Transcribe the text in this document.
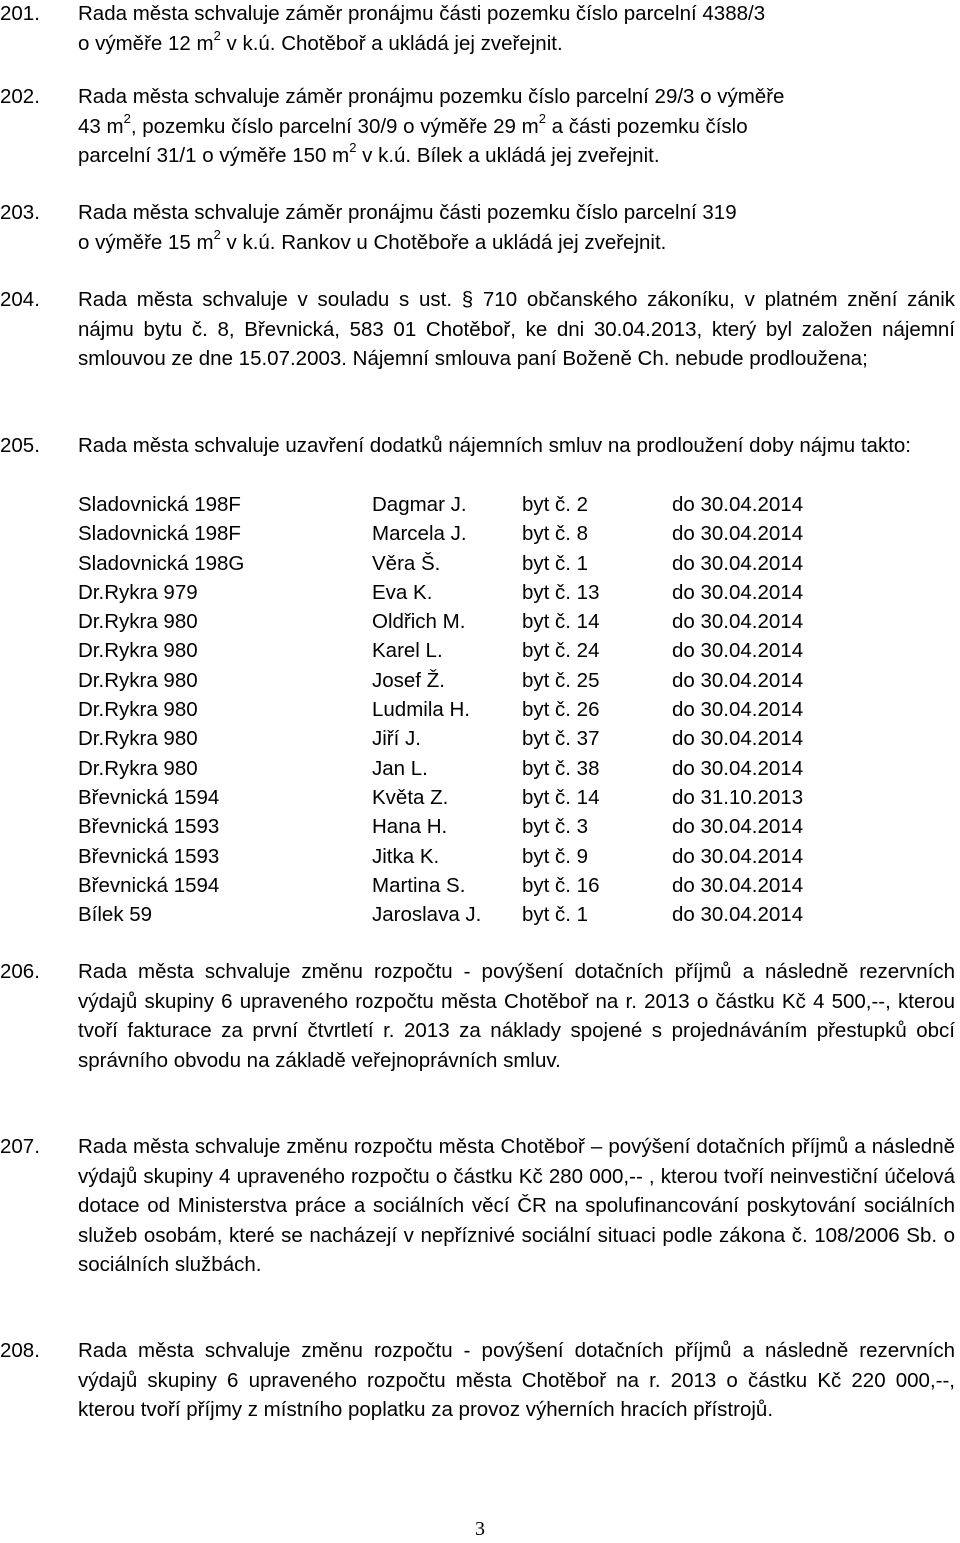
201. Rada města schvaluje záměr pronájmu části pozemku číslo parcelní 4388/3
o výměře 12 $m^2$ v k.ú. Chotěboř a ukládá jej zveřejnit.
202. Rada města schvaluje záměr pronájmu pozemku číslo parcelní 29/3 o výměře
43 $m^2$, pozemku číslo parcelní 30/9 o výměře 29 $m^2$ a části pozemku číslo
parcelní 31/1 o výměře 150 $m^2$ v k.ú. Bílek a ukládá jej zveřejnit.
203. Rada města schvaluje záměr pronájmu části pozemku číslo parcelní 319
o výměře 15 $m^2$ v k.ú. Rankov u Chotěboře a ukládá jej zveřejnit.
204. Rada města schvaluje v souladu s ust. § 710 občanského zákoníku, v platném znění zánik nájmu bytu č. 8, Břevnická, 583 01 Chotěboř, ke dni 30.04.2013, který byl založen nájemní smlouvou ze dne 15.07.2003. Nájemní smlouva paní Boženě Ch. nebude prodloužena;
205. Rada města schvaluje uzavření dodatků nájemních smluv na prodloužení doby nájmu takto:
Sladovnická 198F	Dagmar J.	byt č. 2	do 30.04.2014
Sladovnická 198F	Marcela J.	byt č. 8	do 30.04.2014
Sladovnická 198G	Věra Š.	byt č. 1	do 30.04.2014
Dr.Rykra 979	Eva K.	byt č. 13	do 30.04.2014
Dr.Rykra 980	Oldřich M.	byt č. 14	do 30.04.2014
Dr.Rykra 980	Karel L.	byt č. 24	do 30.04.2014
Dr.Rykra 980	Josef Ž.	byt č. 25	do 30.04.2014
Dr.Rykra 980	Ludmila H.	byt č. 26	do 30.04.2014
Dr.Rykra 980	Jiří J.	byt č. 37	do 30.04.2014
Dr.Rykra 980	Jan L.	byt č. 38	do 30.04.2014
Břevnická 1594	Květa Z.	byt č. 14	do 31.10.2013
Břevnická 1593	Hana H.	byt č. 3	do 30.04.2014
Břevnická 1593	Jitka K.	byt č. 9	do 30.04.2014
Břevnická 1594	Martina S.	byt č. 16	do 30.04.2014
Bílek 59	Jaroslava J.	byt č. 1	do 30.04.2014
206. Rada města schvaluje změnu rozpočtu - povýšení dotačních příjmů a následně rezervních výdajů skupiny 6 upraveného rozpočtu města Chotěboř na r. 2013 o částku Kč 4 500,--, kterou tvoří fakturace za první čtvrtletí r. 2013 za náklady spojené s projednáváním přestupků obcí správního obvodu na základě veřejnoprávních smluv.
207. Rada města schvaluje změnu rozpočtu města Chotěboř – povýšení dotačních příjmů a následně výdajů skupiny 4 upraveného rozpočtu o částku Kč 280 000,-- , kterou tvoří neinvestiční účelová dotace od Ministerstva práce a sociálních věcí ČR na spolufinancování poskytování sociálních služeb osobám, které se nacházejí v nepříznivé sociální situaci podle zákona č. 108/2006 Sb. o sociálních službách.
208. Rada města schvaluje změnu rozpočtu - povýšení dotačních příjmů a následně rezervních výdajů skupiny 6 upraveného rozpočtu města Chotěboř na r. 2013 o částku Kč 220 000,--, kterou tvoří příjmy z místního poplatku za provoz výherních hracích přístrojů.
3
